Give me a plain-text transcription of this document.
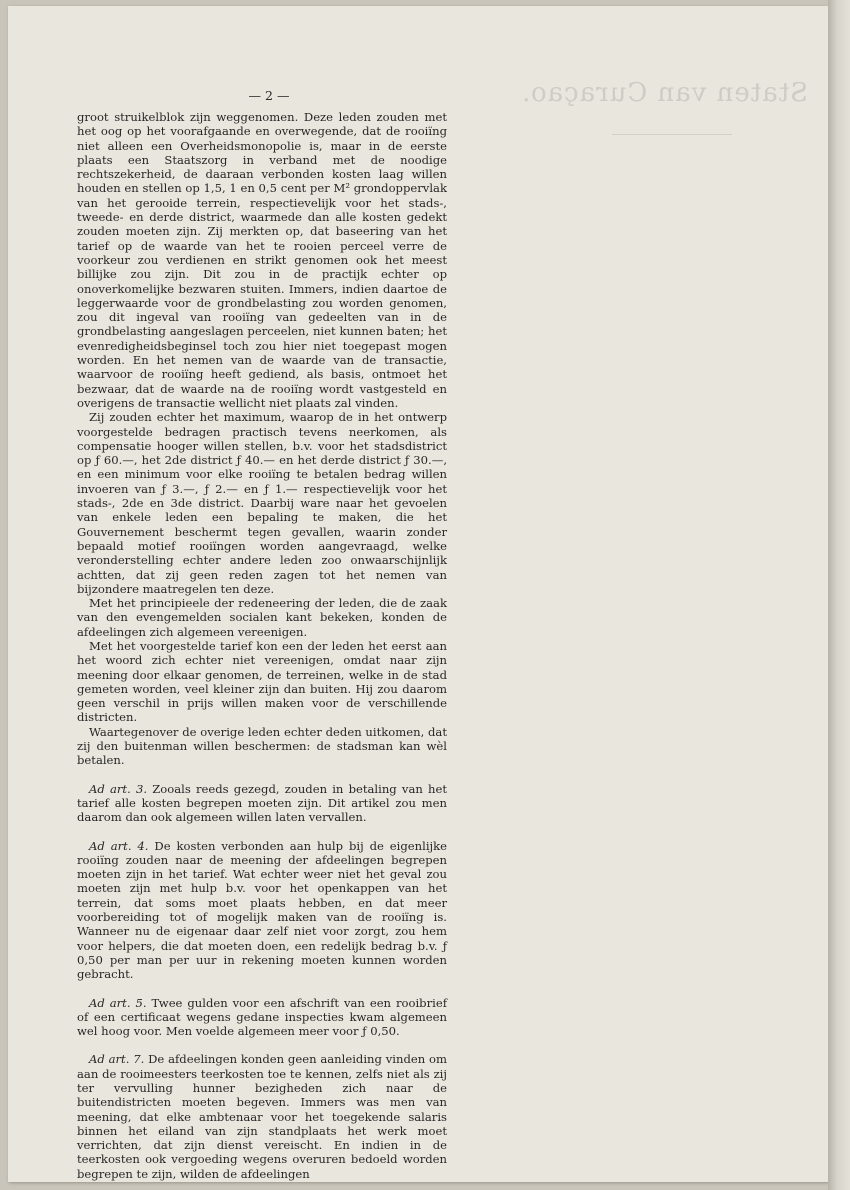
Staten van Curaçao.
— 2 —

groot struikelblok zijn weggenomen. Deze leden zouden met het oog op het voorafgaande en overwegende, dat de rooiïng niet alleen een Overheidsmonopolie is, maar in de eerste plaats een Staatszorg in verband met de noodige rechtszekerheid, de daaraan verbonden kosten laag willen houden en stellen op 1,5, 1 en 0,5 cent per M² grondoppervlak van het gerooide terrein, respectievelijk voor het stads-, tweede- en derde district, waarmede dan alle kosten gedekt zouden moeten zijn. Zij merkten op, dat baseering van het tarief op de waarde van het te rooien perceel verre de voorkeur zou verdienen en strikt genomen ook het meest billijke zou zijn. Dit zou in de practijk echter op onoverkomelijke bezwaren stuiten. Immers, indien daartoe de leggerwaarde voor de grondbelasting zou worden genomen, zou dit ingeval van rooiïng van gedeelten van in de grondbelasting aangeslagen perceelen, niet kunnen baten; het evenredigheidsbeginsel toch zou hier niet toegepast mogen worden. En het nemen van de waarde van de transactie, waarvoor de rooiïng heeft gediend, als basis, ontmoet het bezwaar, dat de waarde na de rooiïng wordt vastgesteld en overigens de transactie wellicht niet plaats zal vinden.

Zij zouden echter het maximum, waarop de in het ontwerp voorgestelde bedragen practisch tevens neerkomen, als compensatie hooger willen stellen, b.v. voor het stadsdistrict op ƒ 60.—, het 2de district ƒ 40.— en het derde district ƒ 30.—, en een minimum voor elke rooiïng te betalen bedrag willen invoeren van ƒ 3.—, ƒ 2.— en ƒ 1.— respectievelijk voor het stads-, 2de en 3de district. Daarbij ware naar het gevoelen van enkele leden een bepaling te maken, die het Gouvernement beschermt tegen gevallen, waarin zonder bepaald motief rooiïngen worden aangevraagd, welke veronderstelling echter andere leden zoo onwaarschijnlijk achtten, dat zij geen reden zagen tot het nemen van bijzondere maatregelen ten deze.

Met het principieele der redeneering der leden, die de zaak van den evengemelden socialen kant bekeken, konden de afdeelingen zich algemeen vereenigen.

Met het voorgestelde tarief kon een der leden het eerst aan het woord zich echter niet vereenigen, omdat naar zijn meening door elkaar genomen, de terreinen, welke in de stad gemeten worden, veel kleiner zijn dan buiten. Hij zou daarom geen verschil in prijs willen maken voor de verschillende districten.

Waartegenover de overige leden echter deden uitkomen, dat zij den buitenman willen beschermen: de stadsman kan wèl betalen.

Ad art. 3. Zooals reeds gezegd, zouden in betaling van het tarief alle kosten begrepen moeten zijn. Dit artikel zou men daarom dan ook algemeen willen laten vervallen.

Ad art. 4. De kosten verbonden aan hulp bij de eigenlijke rooiïng zouden naar de meening der afdeelingen begrepen moeten zijn in het tarief. Wat echter weer niet het geval zou moeten zijn met hulp b.v. voor het openkappen van het terrein, dat soms moet plaats hebben, en dat meer voorbereiding tot of mogelijk maken van de rooiïng is. Wanneer nu de eigenaar daar zelf niet voor zorgt, zou hem voor helpers, die dat moeten doen, een redelijk bedrag b.v. ƒ 0,50 per man per uur in rekening moeten kunnen worden gebracht.

Ad art. 5. Twee gulden voor een afschrift van een rooibrief of een certificaat wegens gedane inspecties kwam algemeen wel hoog voor. Men voelde algemeen meer voor ƒ 0,50.

Ad art. 7. De afdeelingen konden geen aanleiding vinden om aan de rooimeesters teerkosten toe te kennen, zelfs niet als zij ter vervulling hunner bezigheden zich naar de buitendistricten moeten begeven. Immers was men van meening, dat elke ambtenaar voor het toegekende salaris binnen het eiland van zijn standplaats het werk moet verrichten, dat zijn dienst vereischt. En indien in de teerkosten ook vergoeding wegens overuren bedoeld worden begrepen te zijn, wilden de afdeelingen
